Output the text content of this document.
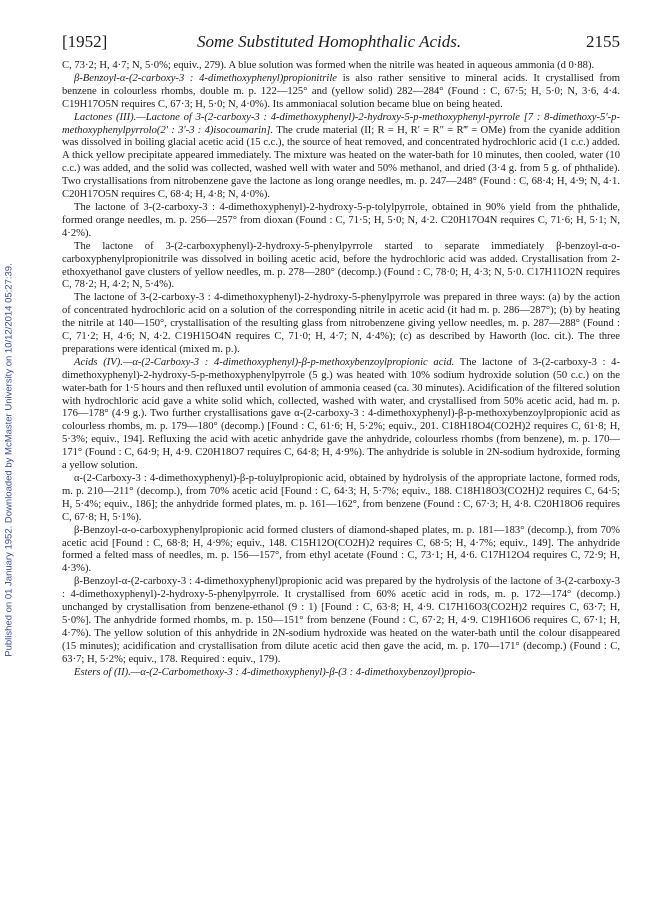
[1952]	Some Substituted Homophthalic Acids.	2155
Published on 01 January 1952. Downloaded by McMaster University on 10/12/2014 05:27:39.

C, 73·2; H, 4·7; N, 5·0%; equiv., 279). A blue solution was formed when the nitrile was heated in aqueous ammonia (d 0·88).

β-Benzoyl-α-(2-carboxy-3 : 4-dimethoxyphenyl)propionitrile is also rather sensitive to mineral acids. It crystallised from benzene in colourless rhombs, double m. p. 122—125° and (yellow solid) 282—284° (Found : C, 67·5; H, 5·0; N, 3·6, 4·4. C19H17O5N requires C, 67·3; H, 5·0; N, 4·0%). Its ammoniacal solution became blue on being heated.

Lactones (III).—Lactone of 3-(2-carboxy-3 : 4-dimethoxyphenyl)-2-hydroxy-5-p-methoxyphenyl-pyrrole [7 : 8-dimethoxy-5′-p-methoxyphenylpyrrolo(2′ : 3′-3 : 4)isocoumarin]. The crude material (II; R = H, R′ = R″ = R‴ = OMe) from the cyanide addition was dissolved in boiling glacial acetic acid (15 c.c.), the source of heat removed, and concentrated hydrochloric acid (1 c.c.) added. A thick yellow precipitate appeared immediately. The mixture was heated on the water-bath for 10 minutes, then cooled, water (10 c.c.) was added, and the solid was collected, washed well with water and 50% methanol, and dried (3·4 g. from 5 g. of phthalide). Two crystallisations from nitrobenzene gave the lactone as long orange needles, m. p. 247—248° (Found : C, 68·4; H, 4·9; N, 4·1. C20H17O5N requires C, 68·4; H, 4·8; N, 4·0%).

The lactone of 3-(2-carboxy-3 : 4-dimethoxyphenyl)-2-hydroxy-5-p-tolylpyrrole, obtained in 90% yield from the phthalide, formed orange needles, m. p. 256—257° from dioxan (Found : C, 71·5; H, 5·0; N, 4·2. C20H17O4N requires C, 71·6; H, 5·1; N, 4·2%).

The lactone of 3-(2-carboxyphenyl)-2-hydroxy-5-phenylpyrrole started to separate immediately β-benzoyl-α-o-carboxyphenylpropionitrile was dissolved in boiling acetic acid, before the hydrochloric acid was added. Crystallisation from 2-ethoxyethanol gave clusters of yellow needles, m. p. 278—280° (decomp.) (Found : C, 78·0; H, 4·3; N, 5·0. C17H11O2N requires C, 78·2; H, 4·2; N, 5·4%).

The lactone of 3-(2-carboxy-3 : 4-dimethoxyphenyl)-2-hydroxy-5-phenylpyrrole was prepared in three ways: (a) by the action of concentrated hydrochloric acid on a solution of the corresponding nitrile in acetic acid (it had m. p. 286—287°); (b) by heating the nitrile at 140—150°, crystallisation of the resulting glass from nitrobenzene giving yellow needles, m. p. 287—288° (Found : C, 71·2; H, 4·6; N, 4·2. C19H15O4N requires C, 71·0; H, 4·7; N, 4·4%); (c) as described by Haworth (loc. cit.). The three preparations were identical (mixed m. p.).

Acids (IV).—α-(2-Carboxy-3 : 4-dimethoxyphenyl)-β-p-methoxybenzoylpropionic acid. The lactone of 3-(2-carboxy-3 : 4-dimethoxyphenyl)-2-hydroxy-5-p-methoxyphenylpyrrole (5 g.) was heated with 10% sodium hydroxide solution (50 c.c.) on the water-bath for 1·5 hours and then refluxed until evolution of ammonia ceased (ca. 30 minutes). Acidification of the filtered solution with hydrochloric acid gave a white solid which, collected, washed with water, and crystallised from 50% acetic acid, had m. p. 176—178° (4·9 g.). Two further crystallisations gave α-(2-carboxy-3 : 4-dimethoxyphenyl)-β-p-methoxybenzoylpropionic acid as colourless rhombs, m. p. 179—180° (decomp.) [Found : C, 61·6; H, 5·2%; equiv., 201. C18H18O4(CO2H)2 requires C, 61·8; H, 5·3%; equiv., 194]. Refluxing the acid with acetic anhydride gave the anhydride, colourless rhombs (from benzene), m. p. 170—171° (Found : C, 64·9; H, 4·9. C20H18O7 requires C, 64·8; H, 4·9%). The anhydride is soluble in 2N-sodium hydroxide, forming a yellow solution.

α-(2-Carboxy-3 : 4-dimethoxyphenyl)-β-p-toluylpropionic acid, obtained by hydrolysis of the appropriate lactone, formed rods, m. p. 210—211° (decomp.), from 70% acetic acid [Found : C, 64·3; H, 5·7%; equiv., 188. C18H18O3(CO2H)2 requires C, 64·5; H, 5·4%; equiv., 186]; the anhydride formed plates, m. p. 161—162°, from benzene (Found : C, 67·3; H, 4·8. C20H18O6 requires C, 67·8; H, 5·1%).

β-Benzoyl-α-o-carboxyphenylpropionic acid formed clusters of diamond-shaped plates, m. p. 181—183° (decomp.), from 70% acetic acid [Found : C, 68·8; H, 4·9%; equiv., 148. C15H12O(CO2H)2 requires C, 68·5; H, 4·7%; equiv., 149]. The anhydride formed a felted mass of needles, m. p. 156—157°, from ethyl acetate (Found : C, 73·1; H, 4·6. C17H12O4 requires C, 72·9; H, 4·3%).

β-Benzoyl-α-(2-carboxy-3 : 4-dimethoxyphenyl)propionic acid was prepared by the hydrolysis of the lactone of 3-(2-carboxy-3 : 4-dimethoxyphenyl)-2-hydroxy-5-phenylpyrrole. It crystallised from 60% acetic acid in rods, m. p. 172—174° (decomp.) unchanged by crystallisation from benzene-ethanol (9 : 1) [Found : C, 63·8; H, 4·9. C17H16O3(CO2H)2 requires C, 63·7; H, 5·0%]. The anhydride formed rhombs, m. p. 150—151° from benzene (Found : C, 67·2; H, 4·9. C19H16O6 requires C, 67·1; H, 4·7%). The yellow solution of this anhydride in 2N-sodium hydroxide was heated on the water-bath until the colour disappeared (15 minutes); acidification and crystallisation from dilute acetic acid then gave the acid, m. p. 170—171° (decomp.) (Found : C, 63·7; H, 5·2%; equiv., 178. Required : equiv., 179).

Esters of (II).—α-(2-Carbomethoxy-3 : 4-dimethoxyphenyl)-β-(3 : 4-dimethoxybenzoyl)propio-
